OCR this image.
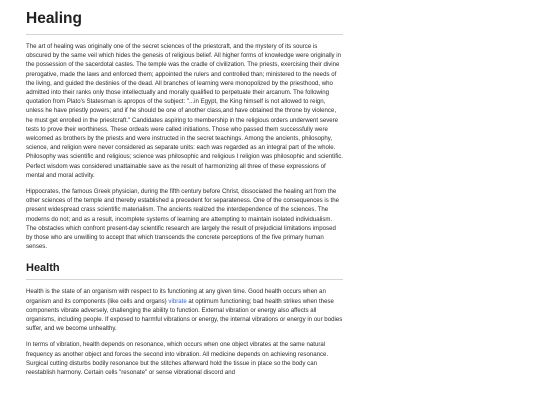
Healing

The art of healing was originally one of the secret sciences of the priestcraft, and the mystery of its source is obscured by the same veil which hides the genesis of religious belief. All higher forms of knowledge were originally in the possession of the sacerdotal castes. The temple was the cradle of civilization. The priests, exercising their divine prerogative, made the laws and enforced them; appointed the rulers and controlled than; ministered to the needs of the living, and guided the destinies of the dead. All branches of learning were monopolized by the priesthood, who admitted into their ranks only those intellectually and morally qualified to perpetuate their arcanum. The following quotation from Plato's Statesman is apropos of the subject: "...in Egypt, the King himself is not allowed to reign, unless he have priestly powers; and if he should be one of another class,and have obtained the throne by violence, he must get enrolled in the priestcraft." Candidates aspiring to membership in the religious orders underwent severe tests to prove their worthiness. These ordeals were called initiations. Those who passed them successfully were welcomed as brothers by the priests and were instructed in the secret teachings. Among the ancients, philosophy, science, and religion were never considered as separate units: each was regarded as an integral part of the whole. Philosophy was scientific and religious; science was philosophic and religious I religion was philosophic and scientific. Perfect wisdom was considered unattainable save as the result of harmonizing all three of these expressions of mental and moral activity.

Hippocrates, the famous Greek physician, during the fifth century before Christ, dissociated the healing art from the other sciences of the temple and thereby established a precedent for separateness. One of the consequences is the present widespread crass scientific materialism. The ancients realized the interdependence of the sciences. The moderns do not; and as a result, incomplete systems of learning are attempting to maintain isolated individualism. The obstacles which confront present-day scientific research are largely the result of prejudicial limitations imposed by those who are unwilling to accept that which transcends the concrete perceptions of the five primary human senses.

Health

Health is the state of an organism with respect to its functioning at any given time. Good health occurs when an organism and its components (like cells and organs) vibrate at optimum functioning; bad health strikes when these components vibrate adversely, challenging the ability to function. External vibration or energy also affects all organisms, including people. If exposed to harmful vibrations or energy, the internal vibrations or energy in our bodies suffer, and we become unhealthy.

In terms of vibration, health depends on resonance, which occurs when one object vibrates at the same natural frequency as another object and forces the second into vibration. All medicine depends on achieving resonance. Surgical cutting disturbs bodily resonance but the stitches afterward hold the tissue in place so the body can reestablish harmony. Certain cells "resonate" or sense vibrational discord and
